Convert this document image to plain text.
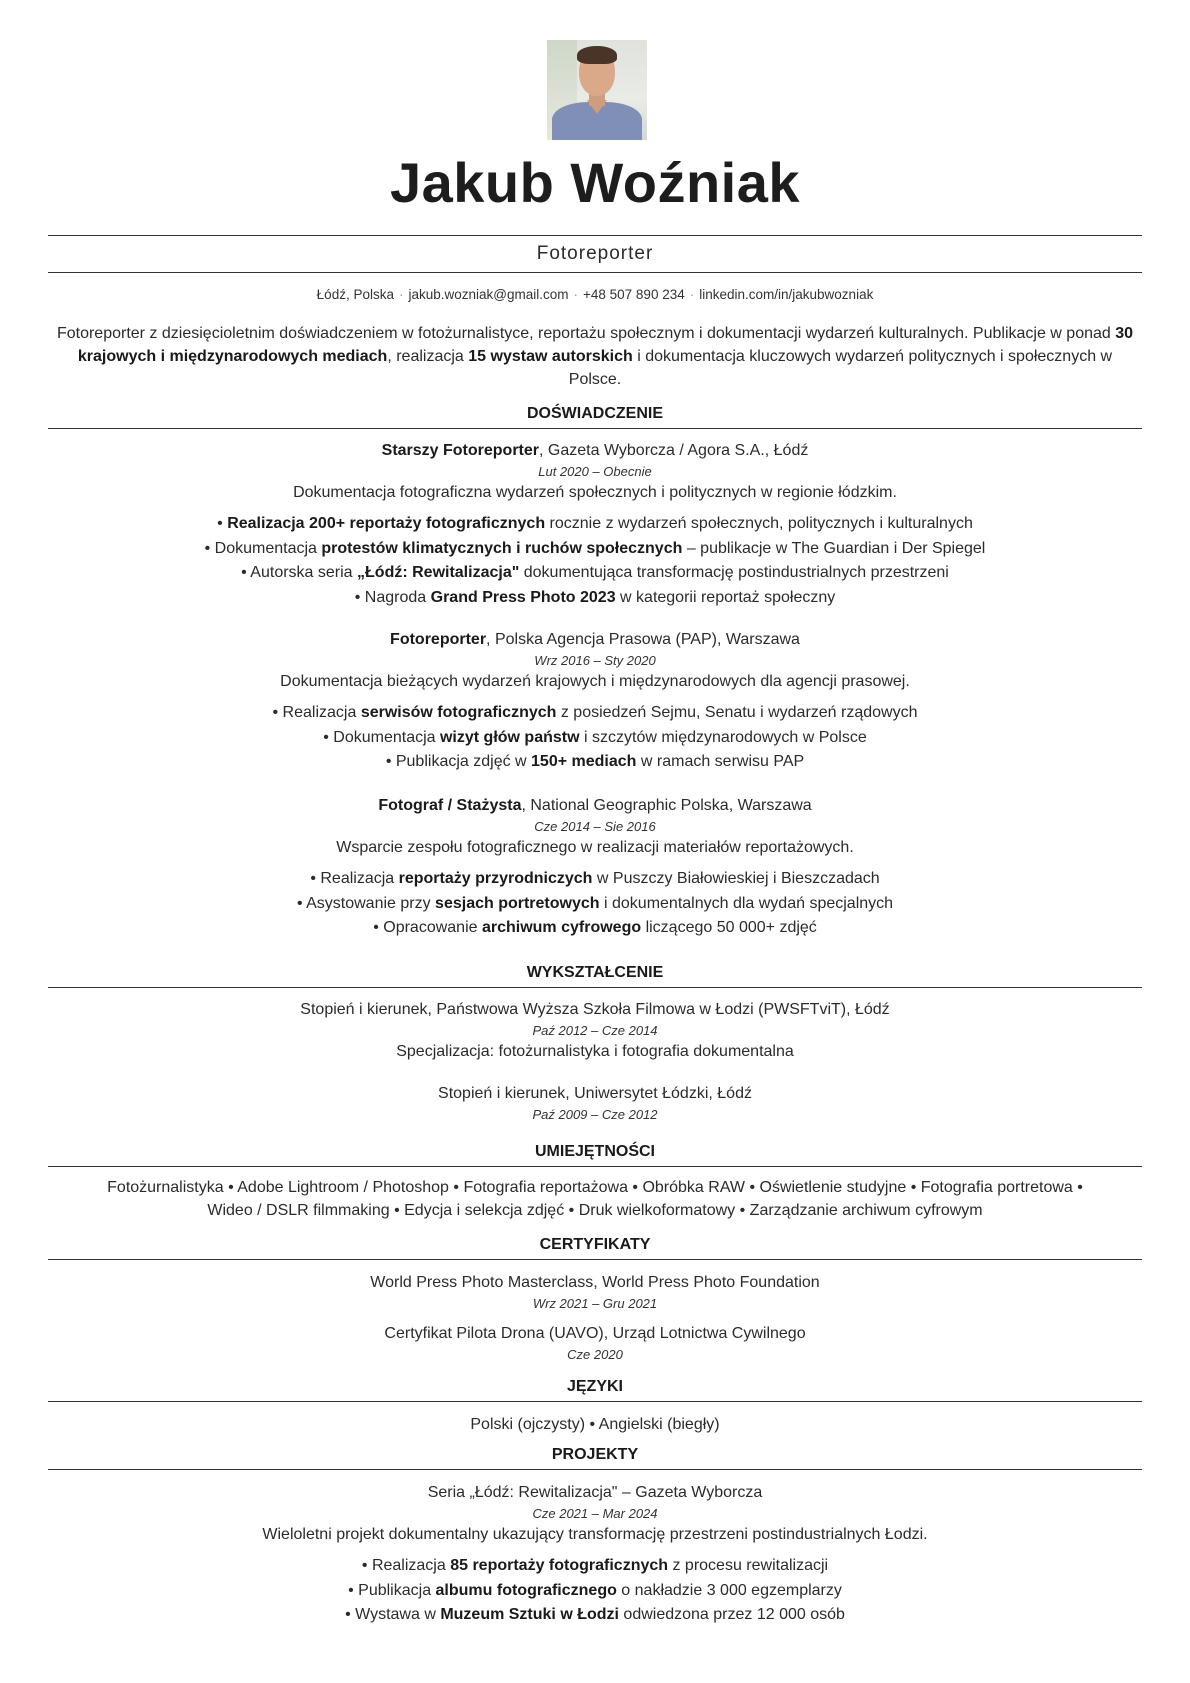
Jakub Woźniak
Fotoreporter
Łódź, Polska · jakub.wozniak@gmail.com · +48 507 890 234 · linkedin.com/in/jakubwozniak
Fotoreporter z dziesięcioletnim doświadczeniem w fotożurnalistyce, reportażu społecznym i dokumentacji wydarzeń kulturalnych. Publikacje w ponad 30 krajowych i międzynarodowych mediach, realizacja 15 wystaw autorskich i dokumentacja kluczowych wydarzeń politycznych i społecznych w Polsce.
DOŚWIADCZENIE
Starszy Fotoreporter, Gazeta Wyborcza / Agora S.A., Łódź
Lut 2020 – Obecnie
Dokumentacja fotograficzna wydarzeń społecznych i politycznych w regionie łódzkim.
• Realizacja 200+ reportaży fotograficznych rocznie z wydarzeń społecznych, politycznych i kulturalnych
• Dokumentacja protestów klimatycznych i ruchów społecznych – publikacje w The Guardian i Der Spiegel
• Autorska seria „Łódź: Rewitalizacja" dokumentująca transformację postindustrialnych przestrzeni
• Nagroda Grand Press Photo 2023 w kategorii reportaż społeczny
Fotoreporter, Polska Agencja Prasowa (PAP), Warszawa
Wrz 2016 – Sty 2020
Dokumentacja bieżących wydarzeń krajowych i międzynarodowych dla agencji prasowej.
• Realizacja serwisów fotograficznych z posiedzeń Sejmu, Senatu i wydarzeń rządowych
• Dokumentacja wizyt głów państw i szczytów międzynarodowych w Polsce
• Publikacja zdjęć w 150+ mediach w ramach serwisu PAP
Fotograf / Stażysta, National Geographic Polska, Warszawa
Cze 2014 – Sie 2016
Wsparcie zespołu fotograficznego w realizacji materiałów reportażowych.
• Realizacja reportaży przyrodniczych w Puszczy Białowieskiej i Bieszczadach
• Asystowanie przy sesjach portretowych i dokumentalnych dla wydań specjalnych
• Opracowanie archiwum cyfrowego liczącego 50 000+ zdjęć
WYKSZTAŁCENIE
Stopień i kierunek, Państwowa Wyższa Szkoła Filmowa w Łodzi (PWSFTviT), Łódź
Paź 2012 – Cze 2014
Specjalizacja: fotożurnalistyka i fotografia dokumentalna
Stopień i kierunek, Uniwersytet Łódzki, Łódź
Paź 2009 – Cze 2012
UMIEJĘTNOŚCI
Fotożurnalistyka • Adobe Lightroom / Photoshop • Fotografia reportażowa • Obróbka RAW • Oświetlenie studyjne • Fotografia portretowa •
Wideo / DSLR filmmaking • Edycja i selekcja zdjęć • Druk wielkoformatowy • Zarządzanie archiwum cyfrowym
CERTYFIKATY
World Press Photo Masterclass, World Press Photo Foundation
Wrz 2021 – Gru 2021
Certyfikat Pilota Drona (UAVO), Urząd Lotnictwa Cywilnego
Cze 2020
JĘZYKI
Polski (ojczysty) • Angielski (biegły)
PROJEKTY
Seria „Łódź: Rewitalizacja" – Gazeta Wyborcza
Cze 2021 – Mar 2024
Wieloletni projekt dokumentalny ukazujący transformację przestrzeni postindustrialnych Łodzi.
• Realizacja 85 reportaży fotograficznych z procesu rewitalizacji
• Publikacja albumu fotograficznego o nakładzie 3 000 egzemplarzy
• Wystawa w Muzeum Sztuki w Łodzi odwiedzona przez 12 000 osób
